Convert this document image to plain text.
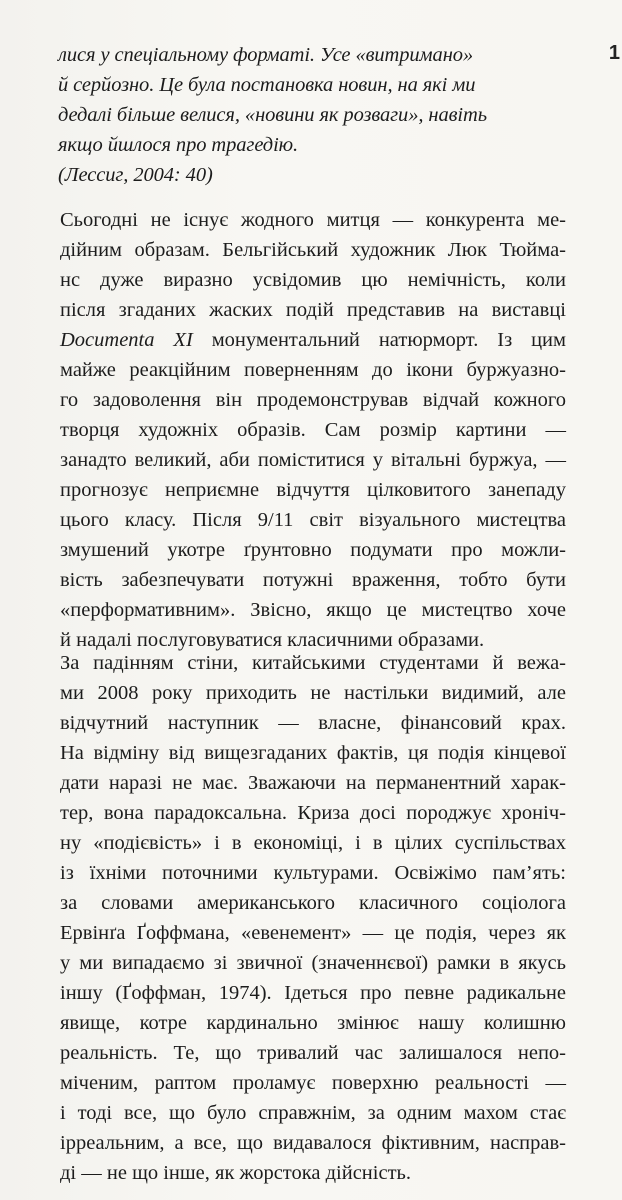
1
лися у спеціальному форматі. Усе «витримано»
й серйозно. Це була постановка новин, на які ми
дедалі більше велися, «новини як розваги», навіть
якщо йшлося про трагедію.
(Лессиг, 2004: 40)
Сьогодні не існує жодного митця — конкурента ме-
дійним образам. Бельгійський художник Люк Тюйма-
нс дуже виразно усвідомив цю немічність, коли
після згаданих жаских подій представив на виставці
Documenta XI монументальний натюрморт. Із цим
майже реакційним поверненням до ікони буржуазно-
го задоволення він продемонстрував відчай кожного
творця художніх образів. Сам розмір картини —
занадто великий, аби поміститися у вітальні буржуа, —
прогнозує неприємне відчуття цілковитого занепаду
цього класу. Після 9/11 світ візуального мистецтва
змушений укотре ґрунтовно подумати про можли-
вість забезпечувати потужні враження, тобто бути
«перформативним». Звісно, якщо це мистецтво хоче
й надалі послуговуватися класичними образами.
За падінням стіни, китайськими студентами й вежа-
ми 2008 року приходить не настільки видимий, але
відчутний наступник — власне, фінансовий крах.
На відміну від вищезгаданих фактів, ця подія кінцевої
дати наразі не має. Зважаючи на перманентний харак-
тер, вона парадоксальна. Криза досі породжує хроніч-
ну «подієвість» і в економіці, і в цілих суспільствах
із їхніми поточними культурами. Освіжімо пам’ять:
за словами американського класичного соціолога
Ервінґа Ґоффмана, «евенемент» — це подія, через як
у ми випадаємо зі звичної (значеннєвої) рамки в якусь
іншу (Ґоффман, 1974). Ідеться про певне радикальне
явище, котре кардинально змінює нашу колишню
реальність. Те, що тривалий час залишалося непо-
міченим, раптом проламує поверхню реальності —
і тоді все, що було справжнім, за одним махом стає
ірреальним, а все, що видавалося фіктивним, насправ-
ді — не що інше, як жорстока дійсність.
